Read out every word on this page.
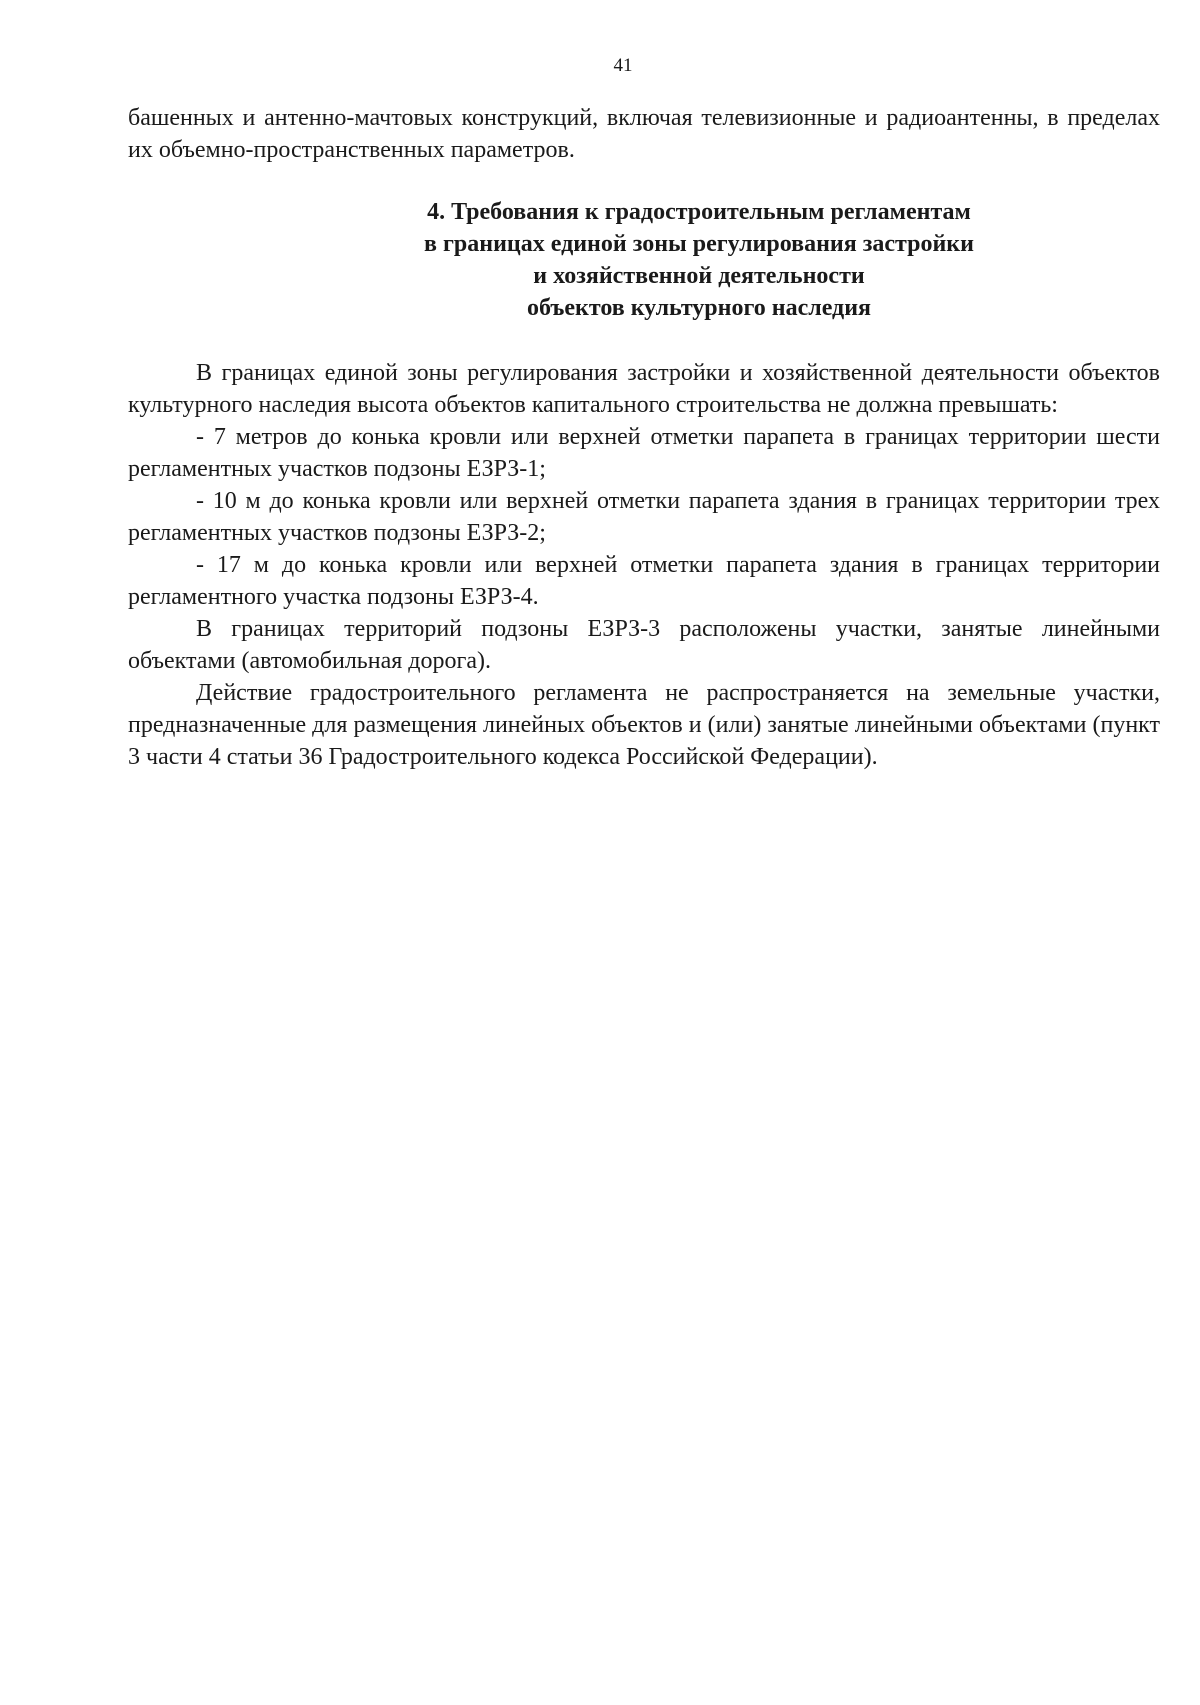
41

башенных и антенно-мачтовых конструкций, включая телевизионные и радиоантенны, в пределах их объемно-пространственных параметров.

4. Требования к градостроительным регламентам
в границах единой зоны регулирования застройки
и хозяйственной деятельности
объектов культурного наследия

В границах единой зоны регулирования застройки и хозяйственной деятельности объектов культурного наследия высота объектов капитального строительства не должна превышать:

- 7 метров до конька кровли или верхней отметки парапета в границах территории шести регламентных участков подзоны ЕЗРЗ-1;

- 10 м до конька кровли или верхней отметки парапета здания в границах территории трех регламентных участков подзоны ЕЗРЗ-2;

- 17 м до конька кровли или верхней отметки парапета здания в границах территории регламентного участка подзоны ЕЗРЗ-4.

В границах территорий подзоны ЕЗРЗ-3 расположены участки, занятые линейными объектами (автомобильная дорога).

Действие градостроительного регламента не распространяется на земельные участки, предназначенные для размещения линейных объектов и (или) занятые линейными объектами (пункт 3 части 4 статьи 36 Градостроительного кодекса Российской Федерации).
